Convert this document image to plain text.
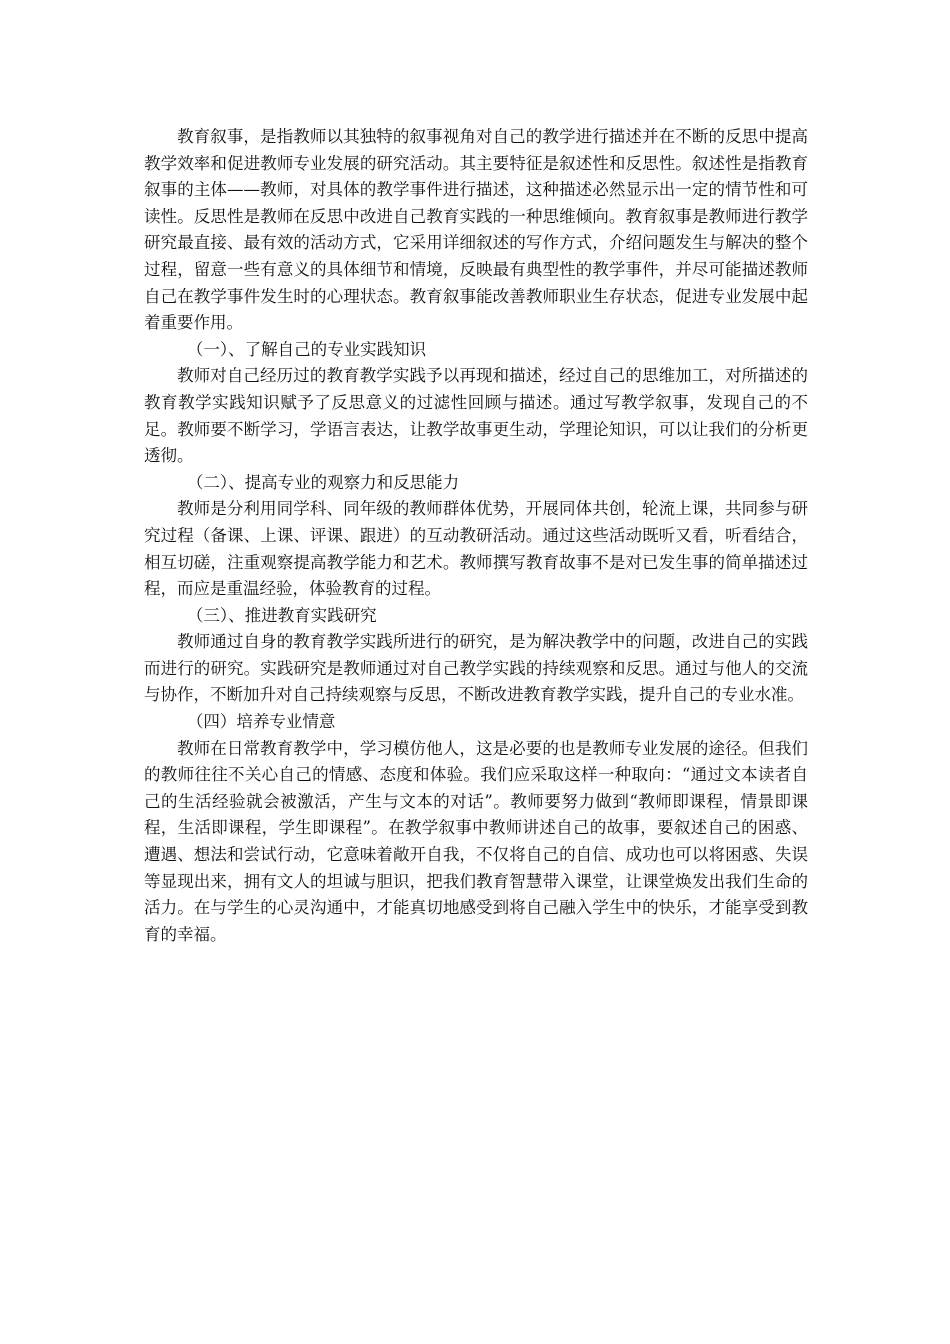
教育叙事，是指教师以其独特的叙事视角对自己的教学进行描述并在不断的反思中提高教学效率和促进教师专业发展的研究活动。其主要特征是叙述性和反思性。叙述性是指教育叙事的主体——教师，对具体的教学事件进行描述，这种描述必然显示出一定的情节性和可读性。反思性是教师在反思中改进自己教育实践的一种思维倾向。教育叙事是教师进行教学研究最直接、最有效的活动方式，它采用详细叙述的写作方式，介绍问题发生与解决的整个过程，留意一些有意义的具体细节和情境，反映最有典型性的教学事件，并尽可能描述教师自己在教学事件发生时的心理状态。教育叙事能改善教师职业生存状态，促进专业发展中起着重要作用。

（一）、了解自己的专业实践知识

教师对自己经历过的教育教学实践予以再现和描述，经过自己的思维加工，对所描述的教育教学实践知识赋予了反思意义的过滤性回顾与描述。通过写教学叙事，发现自己的不足。教师要不断学习，学语言表达，让教学故事更生动，学理论知识，可以让我们的分析更透彻。

（二）、提高专业的观察力和反思能力

教师是分利用同学科、同年级的教师群体优势，开展同体共创，轮流上课，共同参与研究过程（备课、上课、评课、跟进）的互动教研活动。通过这些活动既听又看，听看结合，相互切磋，注重观察提高教学能力和艺术。教师撰写教育故事不是对已发生事的简单描述过程，而应是重温经验，体验教育的过程。

（三）、推进教育实践研究

教师通过自身的教育教学实践所进行的研究，是为解决教学中的问题，改进自己的实践而进行的研究。实践研究是教师通过对自己教学实践的持续观察和反思。通过与他人的交流与协作，不断加升对自己持续观察与反思，不断改进教育教学实践，提升自己的专业水准。

（四）培养专业情意

教师在日常教育教学中，学习模仿他人，这是必要的也是教师专业发展的途径。但我们的教师往往不关心自己的情感、态度和体验。我们应采取这样一种取向：“通过文本读者自己的生活经验就会被激活，产生与文本的对话”。教师要努力做到“教师即课程，情景即课程，生活即课程，学生即课程”。在教学叙事中教师讲述自己的故事，要叙述自己的困惑、遭遇、想法和尝试行动，它意味着敞开自我，不仅将自己的自信、成功也可以将困惑、失误等显现出来，拥有文人的坦诚与胆识，把我们教育智慧带入课堂，让课堂焕发出我们生命的活力。在与学生的心灵沟通中，才能真切地感受到将自己融入学生中的快乐，才能享受到教育的幸福。
